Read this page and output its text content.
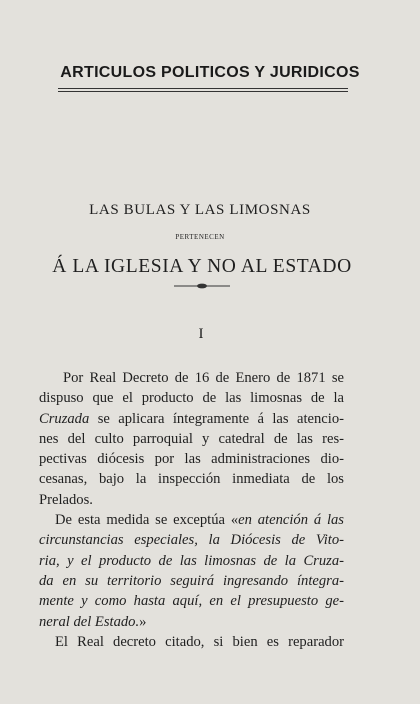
ARTICULOS POLITICOS Y JURIDICOS
LAS BULAS Y LAS LIMOSNAS
PERTENECEN
Á LA IGLESIA Y NO AL ESTADO
I
Por Real Decreto de 16 de Enero de 1871 se
dispuso que el producto de las limosnas de la
Cruzada se aplicara íntegramente á las atencio-
nes del culto parroquial y catedral de las res-
pectivas diócesis por las administraciones dio-
cesanas, bajo la inspección inmediata de los
Prelados.
De esta medida se exceptúa «en atención á las
circunstancias especiales, la Diócesis de Vito-
ria, y el producto de las limosnas de la Cruza-
da en su territorio seguirá ingresando íntegra-
mente y como hasta aquí, en el presupuesto ge-
neral del Estado.»
El Real decreto citado, si bien es reparador
